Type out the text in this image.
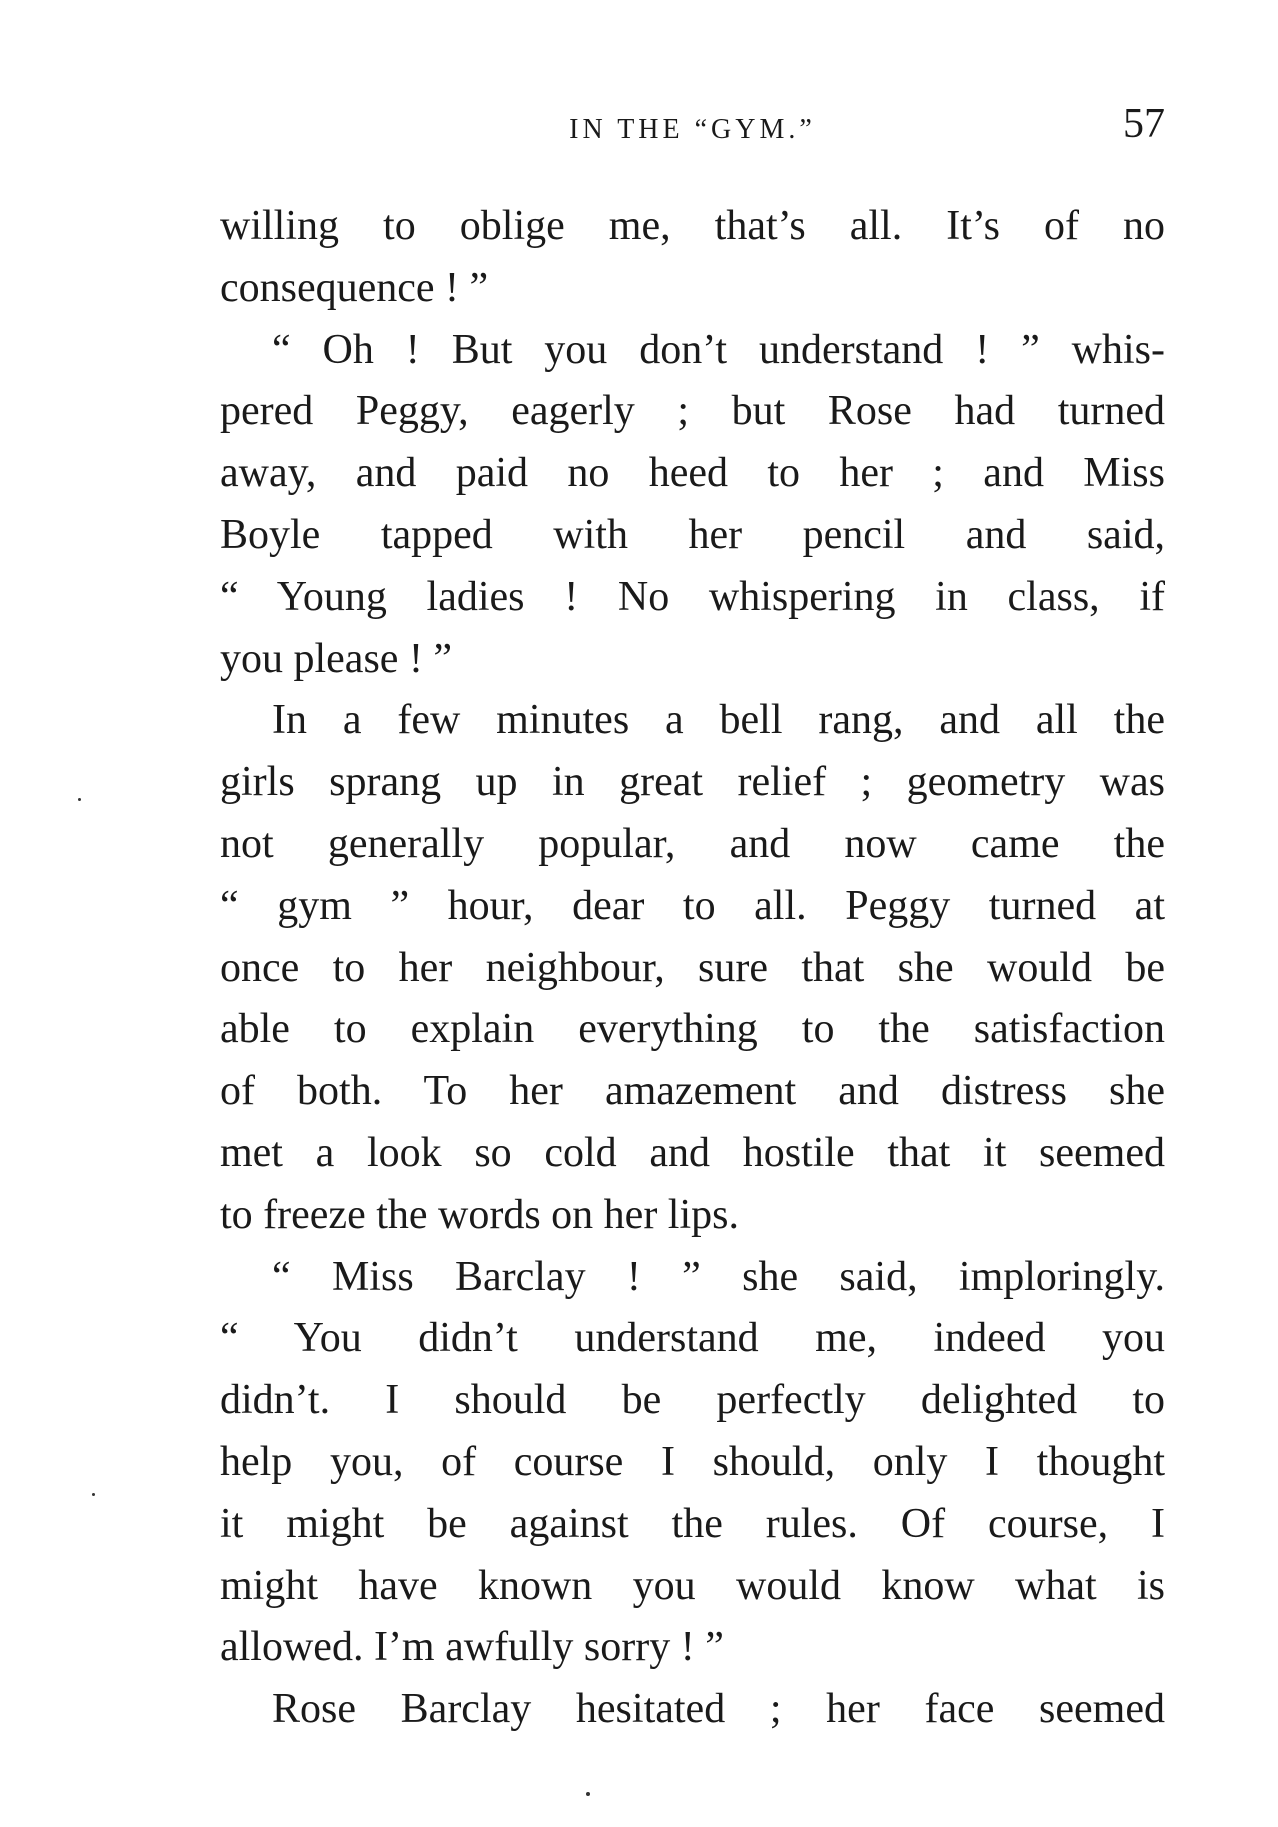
IN THE “GYM.”	57
willing to oblige me, that’s all. It’s of no
consequence ! ”
“ Oh ! But you don’t understand ! ” whis-
pered Peggy, eagerly ; but Rose had turned
away, and paid no heed to her ; and Miss
Boyle tapped with her pencil and said,
“ Young ladies ! No whispering in class, if
you please ! ”
In a few minutes a bell rang, and all the
girls sprang up in great relief ; geometry was
not generally popular, and now came the
“ gym ” hour, dear to all. Peggy turned at
once to her neighbour, sure that she would be
able to explain everything to the satisfaction
of both. To her amazement and distress she
met a look so cold and hostile that it seemed
to freeze the words on her lips.
“ Miss Barclay ! ” she said, imploringly.
“ You didn’t understand me, indeed you
didn’t. I should be perfectly delighted to
help you, of course I should, only I thought
it might be against the rules. Of course, I
might have known you would know what is
allowed. I’m awfully sorry ! ”
Rose Barclay hesitated ; her face seemed
